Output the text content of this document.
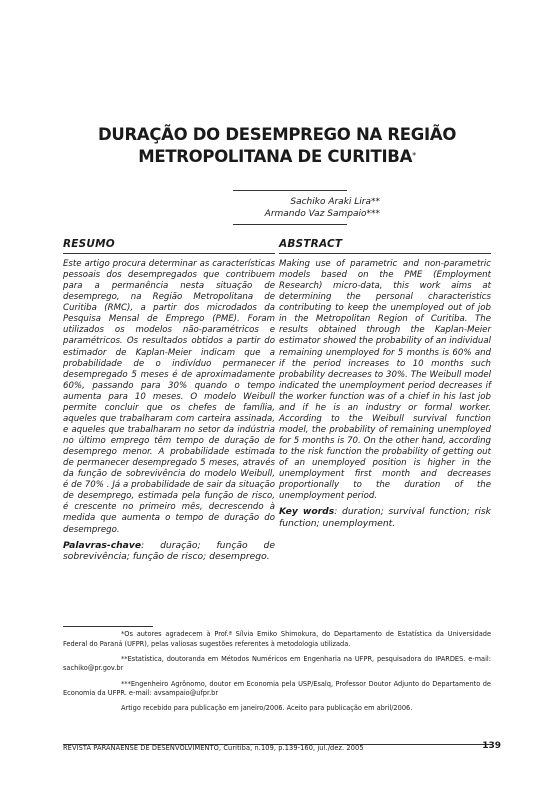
DURAÇÃO DO DESEMPREGO NA REGIÃO
METROPOLITANA DE CURITIBA*
Sachiko Araki Lira**
Armando Vaz Sampaio***
RESUMO

Este artigo procura determinar as características pessoais dos desempregados que contribuem para a permanência nesta situação de desemprego, na Região Metropolitana de Curitiba (RMC), a partir dos microdados da Pesquisa Mensal de Emprego (PME). Foram utilizados os modelos não-paramétricos e paramétricos. Os resultados obtidos a partir do estimador de Kaplan-Meier indicam que a probabilidade de o indivíduo permanecer desempregado 5 meses é de aproximadamente 60%, passando para 30% quando o tempo aumenta para 10 meses. O modelo Weibull permite concluir que os chefes de família, aqueles que trabalharam com carteira assinada, e aqueles que trabalharam no setor da indústria no último emprego têm tempo de duração de desemprego menor. A probabilidade estimada de permanecer desempregado 5 meses, através da função de sobrevivência do modelo Weibull, é de 70% . Já a probabilidade de sair da situação de desemprego, estimada pela função de risco, é crescente no primeiro mês, decrescendo à medida que aumenta o tempo de duração do desemprego.

Palavras-chave: duração; função de sobrevivência; função de risco; desemprego.

ABSTRACT

Making use of parametric and non-parametric models based on the PME (Employment Research) micro-data, this work aims at determining the personal characteristics contributing to keep the unemployed out of job in the Metropolitan Region of Curitiba. The results obtained through the Kaplan-Meier estimator showed the probability of an individual remaining unemployed for 5 months is 60% and if the period increases to 10 months such probability decreases to 30%. The Weibull model indicated the unemployment period decreases if the worker function was of a chief in his last job and if he is an industry or formal worker. According to the Weibull survival function model, the probability of remaining unemployed for 5 months is 70. On the other hand, according to the risk function the probability of getting out of an unemployed position is higher in the unemployment first month and decreases proportionally to the duration of the unemployment period.

Key words: duration; survival function; risk function; unemployment.

*Os autores agradecem à Prof.ª Sílvia Emiko Shimokura, do Departamento de Estatística da Universidade Federal do Paraná (UFPR), pelas valiosas sugestões referentes à metodologia utilizada.

**Estatística, doutoranda em Métodos Numéricos em Engenharia na UFPR, pesquisadora do IPARDES. e-mail: sachiko@pr.gov.br

***Engenheiro Agrônomo, doutor em Economia pela USP/Esalq, Professor Doutor Adjunto do Departamento de Economia da UFPR. e-mail: avsampaio@ufpr.br

Artigo recebido para publicação em janeiro/2006. Aceito para publicação em abril/2006.

REVISTA PARANAENSE DE DESENVOLVIMENTO, Curitiba, n.109, p.139-160, jul./dez. 2005	139
